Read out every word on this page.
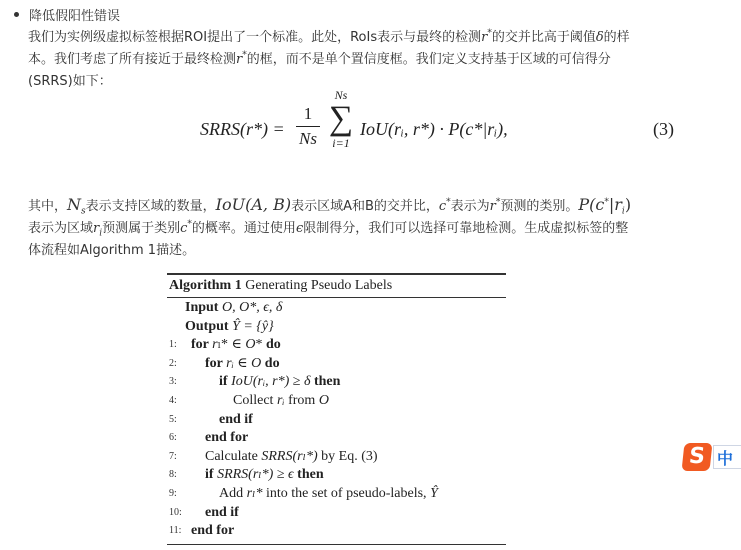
降低假阳性错误
我们为实例级虚拟标签根据ROI提出了一个标准。此处，RoIs表示与最终的检测r*的交并比高于阈值δ的样
本。我们考虑了所有接近于最终检测r*的框，而不是单个置信度框。我们定义支持基于区域的可信得分
(SRRS)如下：
SRRS(r*) =
1
Ns
Ns
∑
i=1
IoU(rᵢ, r*) · P(c*|rᵢ),	(3)
其中，$N_s$表示支持区域的数量，IoU(A, B)表示区域A和B的交并比，c*表示为r*预测的类别。$P(c^*|r_i)$
表示为区域$r_i$预测属于类别c*的概率。通过使用ϵ限制得分，我们可以选择可靠地检测。生成虚拟标签的整
体流程如Algorithm 1描述。
Algorithm 1 Generating Pseudo Labels
Input O, O*, ϵ, δ
Output Ŷ = {ŷ}
1:	for rₗ* ∈ O* do
2:	for rᵢ ∈ O do
3:	if IoU(rᵢ, r*) ≥ δ then
4:	Collect rᵢ from O
5:	end if
6:	end for
7:	Calculate SRRS(rₗ*) by Eq. (3)
8:	if SRRS(rₗ*) ≥ ϵ then
9:	Add rₗ* into the set of pseudo-labels, Ŷ
10:	end if
11: end for
S 中
